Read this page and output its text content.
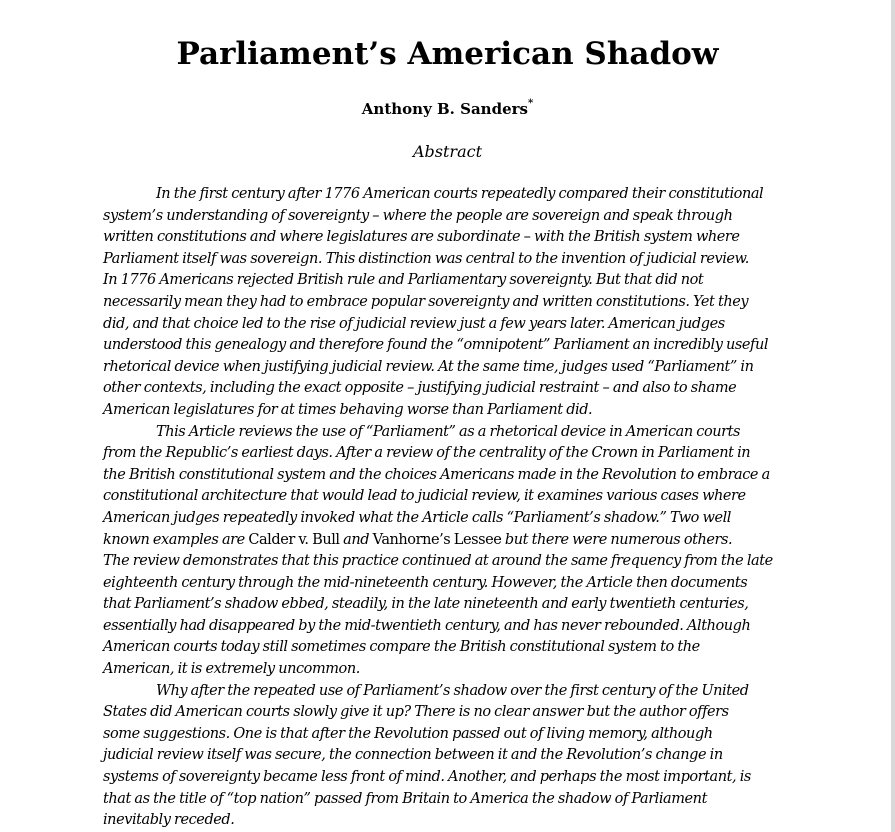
Parliament’s American Shadow

Anthony B. Sanders*

Abstract

In the first century after 1776 American courts repeatedly compared their constitutional
system’s understanding of sovereignty – where the people are sovereign and speak through
written constitutions and where legislatures are subordinate – with the British system where
Parliament itself was sovereign. This distinction was central to the invention of judicial review.
In 1776 Americans rejected British rule and Parliamentary sovereignty. But that did not
necessarily mean they had to embrace popular sovereignty and written constitutions. Yet they
did, and that choice led to the rise of judicial review just a few years later. American judges
understood this genealogy and therefore found the “omnipotent” Parliament an incredibly useful
rhetorical device when justifying judicial review. At the same time, judges used “Parliament” in
other contexts, including the exact opposite – justifying judicial restraint – and also to shame
American legislatures for at times behaving worse than Parliament did.
This Article reviews the use of “Parliament” as a rhetorical device in American courts
from the Republic’s earliest days. After a review of the centrality of the Crown in Parliament in
the British constitutional system and the choices Americans made in the Revolution to embrace a
constitutional architecture that would lead to judicial review, it examines various cases where
American judges repeatedly invoked what the Article calls “Parliament’s shadow.” Two well
known examples are Calder v. Bull and Vanhorne’s Lessee but there were numerous others.
The review demonstrates that this practice continued at around the same frequency from the late
eighteenth century through the mid-nineteenth century. However, the Article then documents
that Parliament’s shadow ebbed, steadily, in the late nineteenth and early twentieth centuries,
essentially had disappeared by the mid-twentieth century, and has never rebounded. Although
American courts today still sometimes compare the British constitutional system to the
American, it is extremely uncommon.
Why after the repeated use of Parliament’s shadow over the first century of the United
States did American courts slowly give it up? There is no clear answer but the author offers
some suggestions. One is that after the Revolution passed out of living memory, although
judicial review itself was secure, the connection between it and the Revolution’s change in
systems of sovereignty became less front of mind. Another, and perhaps the most important, is
that as the title of “top nation” passed from Britain to America the shadow of Parliament
inevitably receded.
